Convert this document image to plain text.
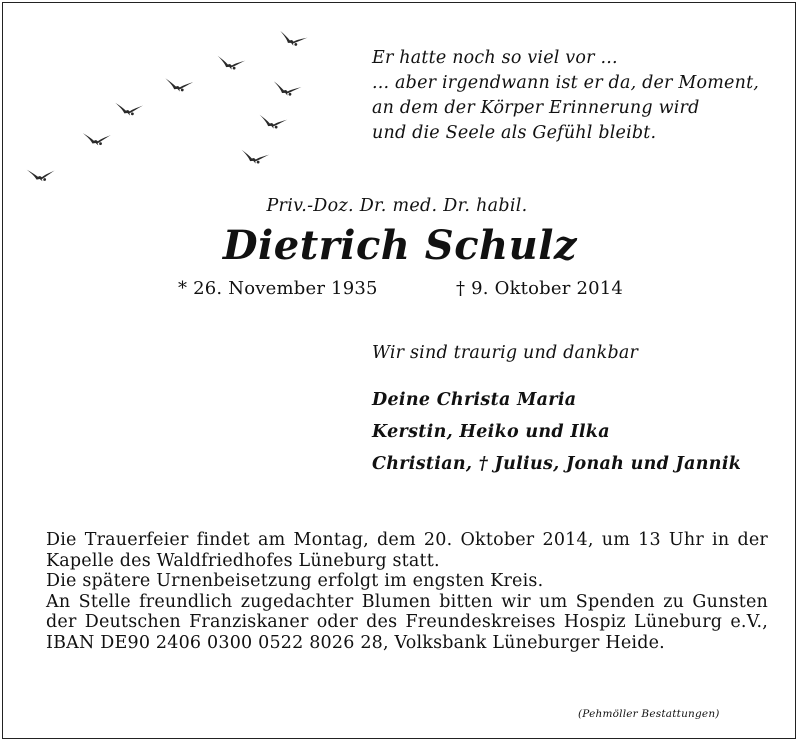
Er hatte noch so viel vor ...
... aber irgendwann ist er da, der Moment,
an dem der Körper Erinnerung wird
und die Seele als Gefühl bleibt.
Priv.-Doz. Dr. med. Dr. habil.
Dietrich Schulz
* 26. November 1935	† 9. Oktober 2014
Wir sind traurig und dankbar
Deine Christa Maria
Kerstin, Heiko und Ilka
Christian, † Julius, Jonah und Jannik
Die Trauerfeier findet am Montag, dem 20. Oktober 2014, um 13 Uhr in der
Kapelle des Waldfriedhofes Lüneburg statt.
Die spätere Urnenbeisetzung erfolgt im engsten Kreis.
An Stelle freundlich zugedachter Blumen bitten wir um Spenden zu Gunsten
der Deutschen Franziskaner oder des Freundeskreises Hospiz Lüneburg e.V.,
IBAN DE90 2406 0300 0522 8026 28, Volksbank Lüneburger Heide.
(Pehmöller Bestattungen)
